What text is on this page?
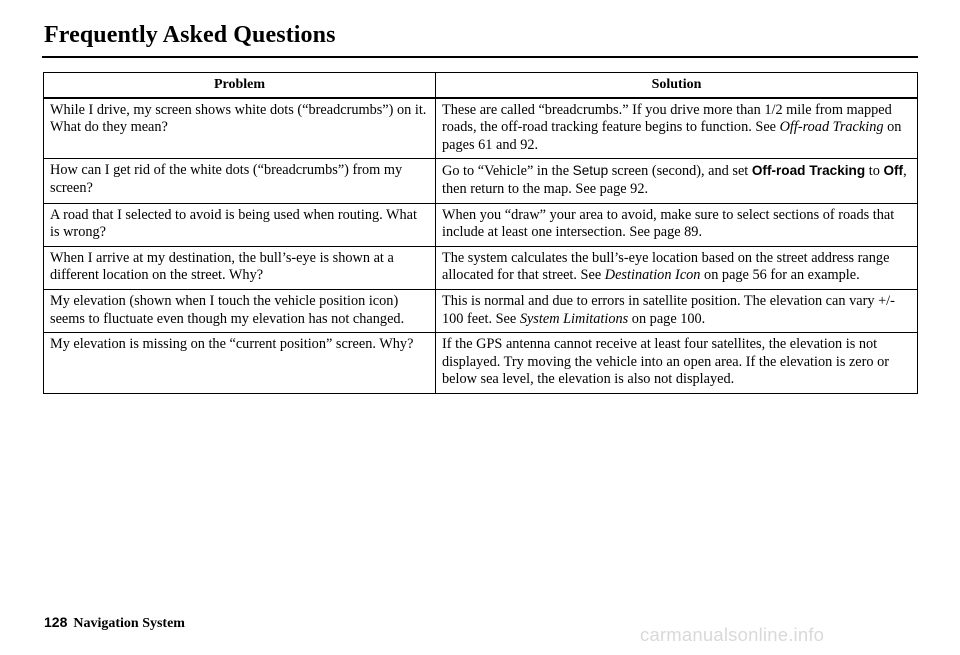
Frequently Asked Questions
Problem	Solution
While I drive, my screen shows white dots (“breadcrumbs”) on it. What do they mean?	These are called “breadcrumbs.” If you drive more than 1/2 mile from mapped roads, the off-road tracking feature begins to function. See Off-road Tracking on pages 61 and 92.
How can I get rid of the white dots (“breadcrumbs”) from my screen?	Go to “Vehicle” in the Setup screen (second), and set Off-road Tracking to Off, then return to the map. See page 92.
A road that I selected to avoid is being used when routing. What is wrong?	When you “draw” your area to avoid, make sure to select sections of roads that include at least one intersection. See page 89.
When I arrive at my destination, the bull’s-eye is shown at a different location on the street. Why?	The system calculates the bull’s-eye location based on the street address range allocated for that street. See Destination Icon on page 56 for an example.
My elevation (shown when I touch the vehicle position icon) seems to fluctuate even though my elevation has not changed.	This is normal and due to errors in satellite position. The elevation can vary +/- 100 feet. See System Limitations on page 100.
My elevation is missing on the “current position” screen. Why?	If the GPS antenna cannot receive at least four satellites, the elevation is not displayed. Try moving the vehicle into an open area. If the elevation is zero or below sea level, the elevation is also not displayed.
128 Navigation System
carmanualsonline.info
